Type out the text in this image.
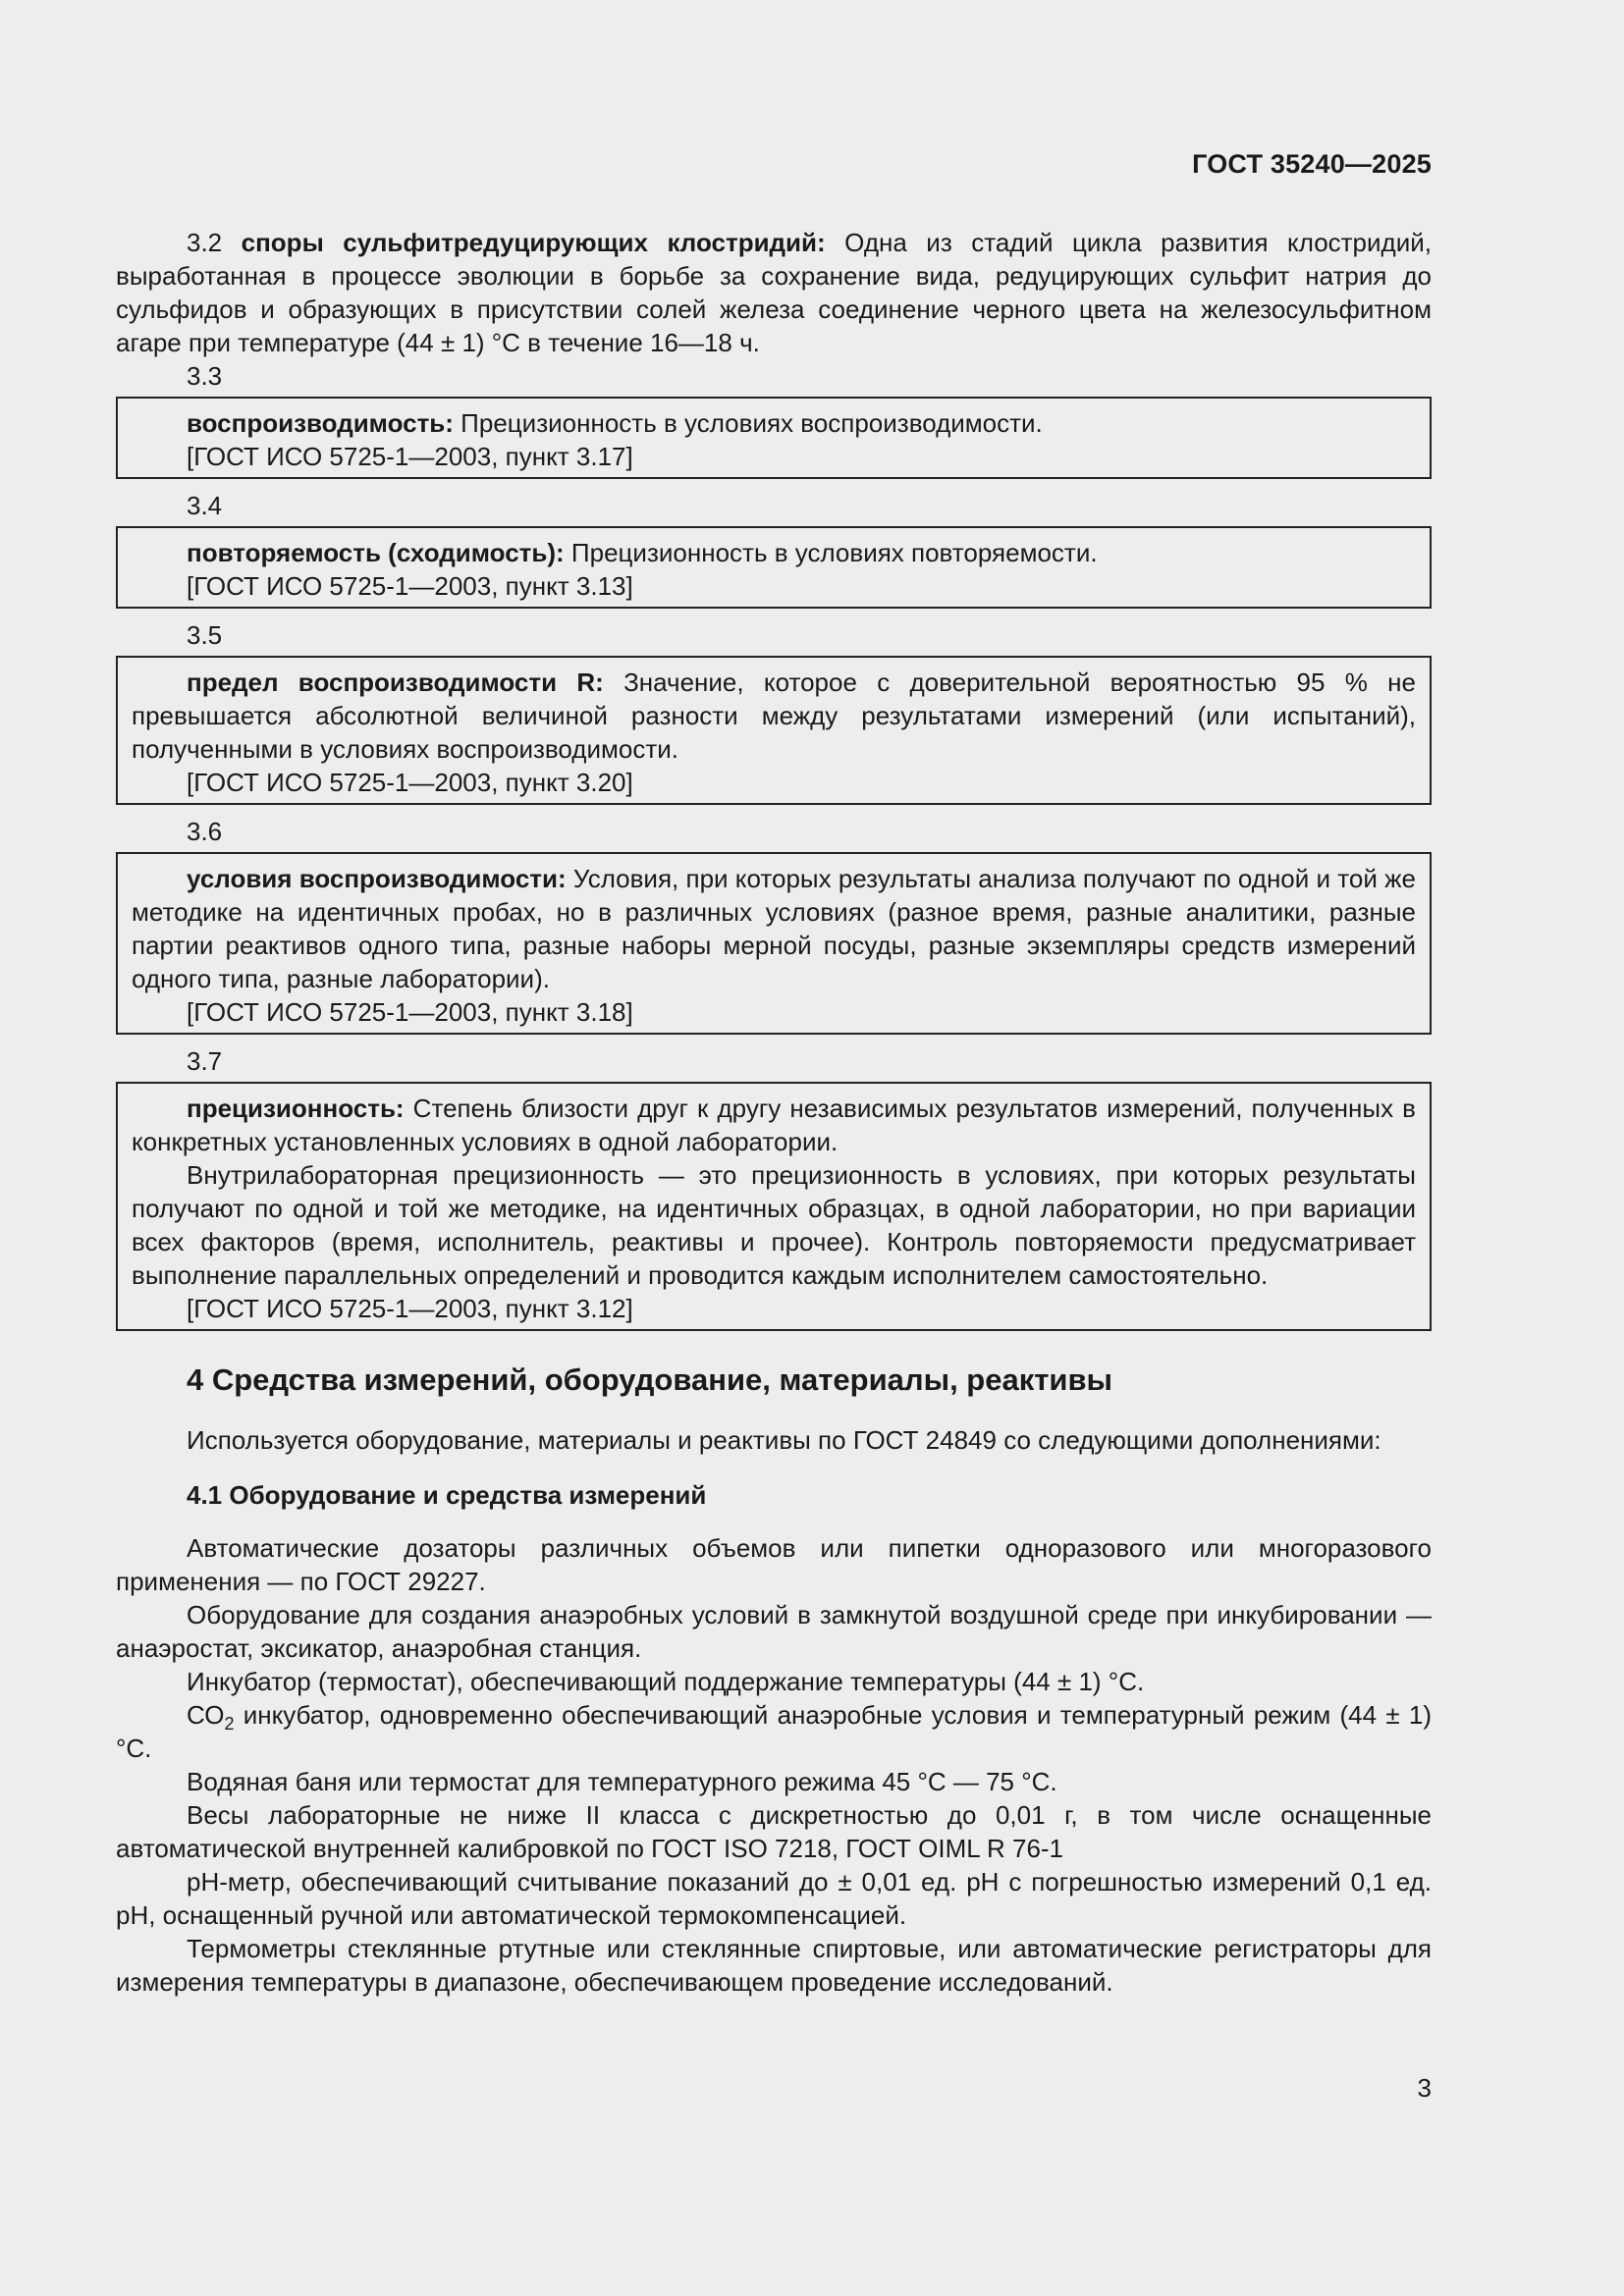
ГОСТ 35240—2025

3.2 споры сульфитредуцирующих клостридий: Одна из стадий цикла развития клостридий, выработанная в процессе эволюции в борьбе за сохранение вида, редуцирующих сульфит натрия до сульфидов и образующих в присутствии солей железа соединение черного цвета на железосульфитном агаре при температуре (44 ± 1) °С в течение 16—18 ч.

3.3

воспроизводимость: Прецизионность в условиях воспроизводимости.

[ГОСТ ИСО 5725-1—2003, пункт 3.17]

3.4

повторяемость (сходимость): Прецизионность в условиях повторяемости.

[ГОСТ ИСО 5725-1—2003, пункт 3.13]

3.5

предел воспроизводимости R: Значение, которое с доверительной вероятностью 95 % не превышается абсолютной величиной разности между результатами измерений (или испытаний), полученными в условиях воспроизводимости.

[ГОСТ ИСО 5725-1—2003, пункт 3.20]

3.6

условия воспроизводимости: Условия, при которых результаты анализа получают по одной и той же методике на идентичных пробах, но в различных условиях (разное время, разные аналитики, разные партии реактивов одного типа, разные наборы мерной посуды, разные экземпляры средств измерений одного типа, разные лаборатории).

[ГОСТ ИСО 5725-1—2003, пункт 3.18]

3.7

прецизионность: Степень близости друг к другу независимых результатов измерений, полученных в конкретных установленных условиях в одной лаборатории.

Внутрилабораторная прецизионность — это прецизионность в условиях, при которых результаты получают по одной и той же методике, на идентичных образцах, в одной лаборатории, но при вариации всех факторов (время, исполнитель, реактивы и прочее). Контроль повторяемости предусматривает выполнение параллельных определений и проводится каждым исполнителем самостоятельно.

[ГОСТ ИСО 5725-1—2003, пункт 3.12]

4 Средства измерений, оборудование, материалы, реактивы

Используется оборудование, материалы и реактивы по ГОСТ 24849 со следующими дополнениями:

4.1 Оборудование и средства измерений

Автоматические дозаторы различных объемов или пипетки одноразового или многоразового применения — по ГОСТ 29227.

Оборудование для создания анаэробных условий в замкнутой воздушной среде при инкубировании — анаэростат, эксикатор, анаэробная станция.

Инкубатор (термостат), обеспечивающий поддержание температуры (44 ± 1) °С.

$СО_2$ инкубатор, одновременно обеспечивающий анаэробные условия и температурный режим (44 ± 1) °С.

Водяная баня или термостат для температурного режима 45 °С — 75 °С.

Весы лабораторные не ниже II класса с дискретностью до 0,01 г, в том числе оснащенные автоматической внутренней калибровкой по ГОСТ ISO 7218, ГОСТ OIML R 76-1

pH-метр, обеспечивающий считывание показаний до ± 0,01 ед. pH с погрешностью измерений 0,1 ед. pH, оснащенный ручной или автоматической термокомпенсацией.

Термометры стеклянные ртутные или стеклянные спиртовые, или автоматические регистраторы для измерения температуры в диапазоне, обеспечивающем проведение исследований.

3
